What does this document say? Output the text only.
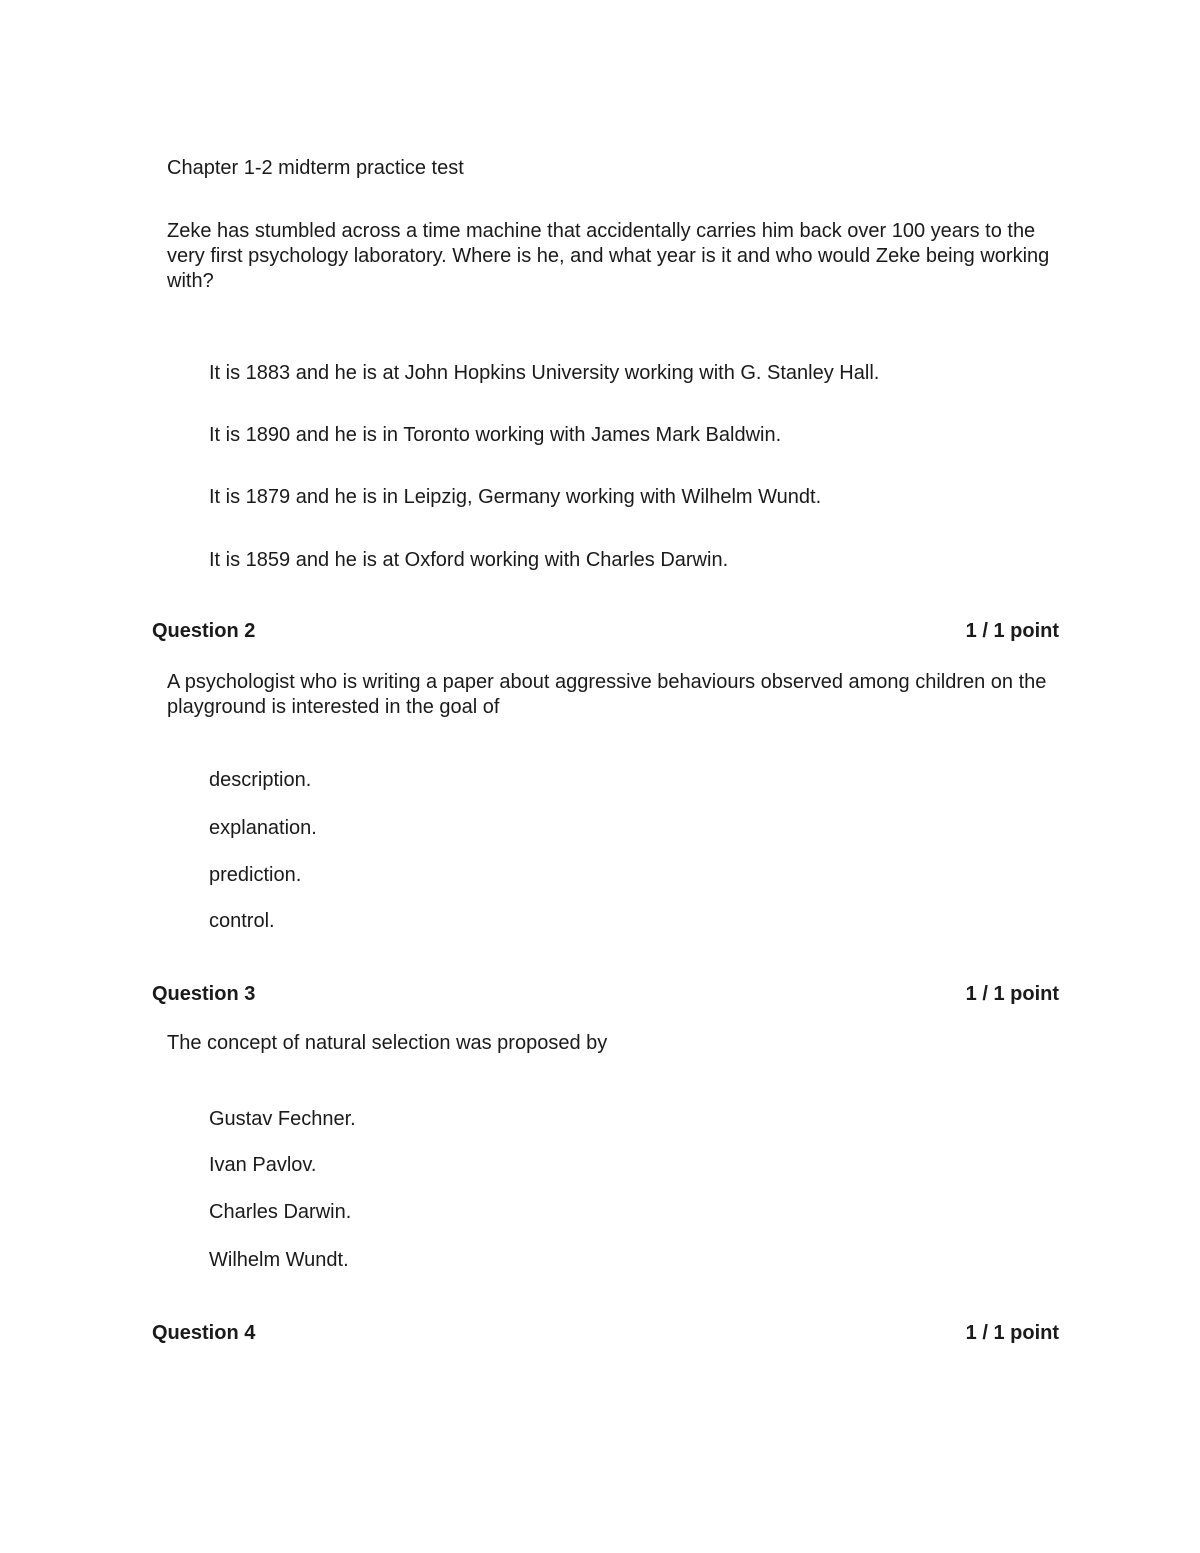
Chapter 1-2 midterm practice test

Zeke has stumbled across a time machine that accidentally carries him back over 100 years to the very first psychology laboratory. Where is he, and what year is it and who would Zeke being working with?

It is 1883 and he is at John Hopkins University working with G. Stanley Hall.

It is 1890 and he is in Toronto working with James Mark Baldwin.

It is 1879 and he is in Leipzig, Germany working with Wilhelm Wundt.

It is 1859 and he is at Oxford working with Charles Darwin.

Question 2	1 / 1 point

A psychologist who is writing a paper about aggressive behaviours observed among children on the playground is interested in the goal of

description.

explanation.

prediction.

control.

Question 3	1 / 1 point

The concept of natural selection was proposed by

Gustav Fechner.

Ivan Pavlov.

Charles Darwin.

Wilhelm Wundt.

Question 4	1 / 1 point
